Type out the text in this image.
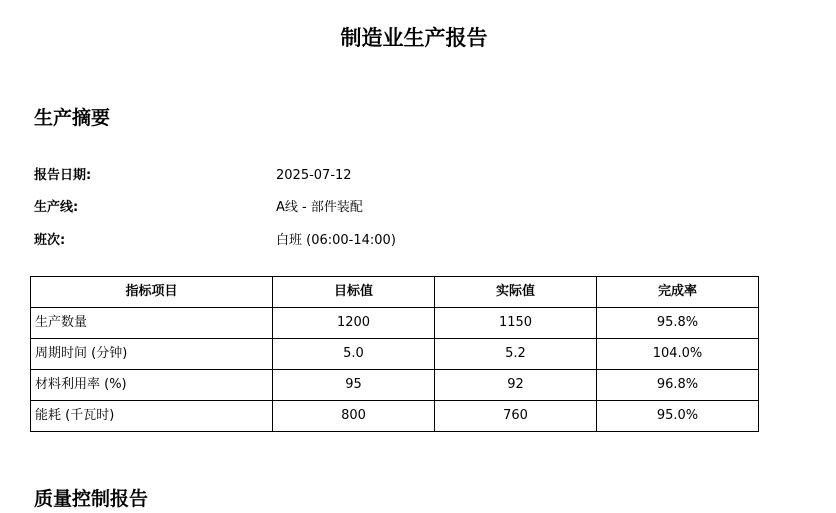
制造业生产报告
生产摘要
报告日期:	2025-07-12
生产线:	A线 - 部件装配
班次:	白班 (06:00-14:00)
指标项目	目标值	实际值	完成率
生产数量	1200	1150	95.8%
周期时间 (分钟)	5.0	5.2	104.0%
材料利用率 (%)	95	92	96.8%
能耗 (千瓦时)	800	760	95.0%
质量控制报告
